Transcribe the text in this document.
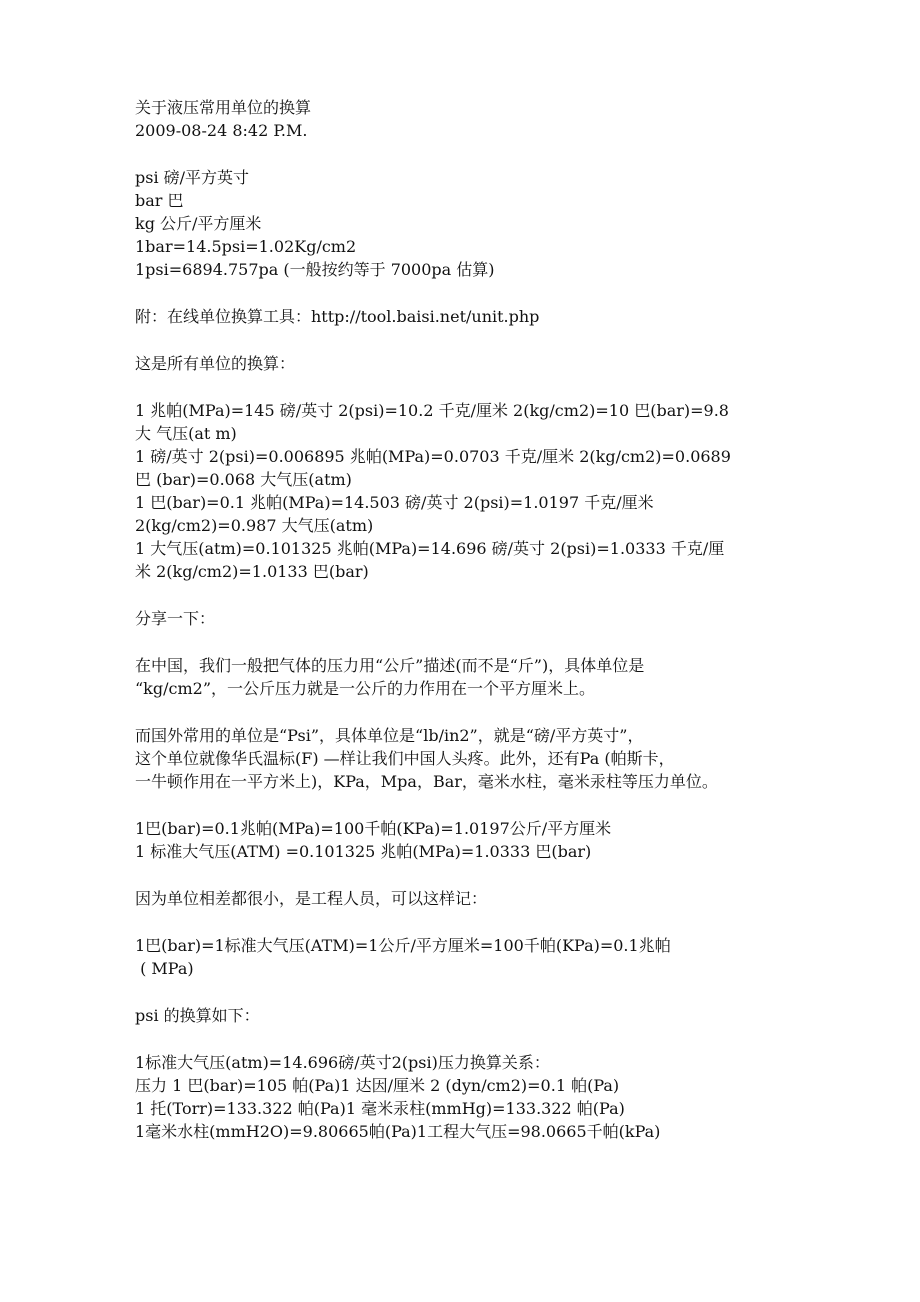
关于液压常用单位的换算
2009-08-24 8:42 P.M.
psi 磅/平方英寸
bar 巴
kg 公斤/平方厘米
1bar=14.5psi=1.02Kg/cm2
1psi=6894.757pa (一般按约等于 7000pa 估算)
附：在线单位换算工具：http://tool.baisi.net/unit.php
这是所有单位的换算：
1 兆帕(MPa)=145 磅/英寸 2(psi)=10.2 千克/厘米 2(kg/cm2)=10 巴(bar)=9.8
大 气压(at m)
1 磅/英寸 2(psi)=0.006895 兆帕(MPa)=0.0703 千克/厘米 2(kg/cm2)=0.0689
巴 (bar)=0.068 大气压(atm)
1 巴(bar)=0.1 兆帕(MPa)=14.503 磅/英寸 2(psi)=1.0197 千克/厘米
2(kg/cm2)=0.987 大气压(atm)
1 大气压(atm)=0.101325 兆帕(MPa)=14.696 磅/英寸 2(psi)=1.0333 千克/厘
米 2(kg/cm2)=1.0133 巴(bar)
分享一下：
在中国，我们一般把气体的压力用“公斤”描述(而不是“斤”)，具体单位是
“kg/cm2”，一公斤压力就是一公斤的力作用在一个平方厘米上。
而国外常用的单位是“Psi”，具体单位是“lb/in2”，就是“磅/平方英寸”，
这个单位就像华氏温标(F) —样让我们中国人头疼。此外，还有Pa (帕斯卡，
一牛顿作用在一平方米上)，KPa，Mpa，Bar，毫米水柱，毫米汞柱等压力单位。
1巴(bar)=0.1兆帕(MPa)=100千帕(KPa)=1.0197公斤/平方厘米
1 标准大气压(ATM) =0.101325 兆帕(MPa)=1.0333 巴(bar)
因为单位相差都很小，是工程人员，可以这样记：
1巴(bar)=1标准大气压(ATM)=1公斤/平方厘米=100千帕(KPa)=0.1兆帕
( MPa)
psi 的换算如下：
1标准大气压(atm)=14.696磅/英寸2(psi)压力换算关系：
压力 1 巴(bar)=105 帕(Pa)1 达因/厘米 2 (dyn/cm2)=0.1 帕(Pa)
1 托(Torr)=133.322 帕(Pa)1 毫米汞柱(mmHg)=133.322 帕(Pa)
1毫米水柱(mmH2O)=9.80665帕(Pa)1工程大气压=98.0665千帕(kPa)
